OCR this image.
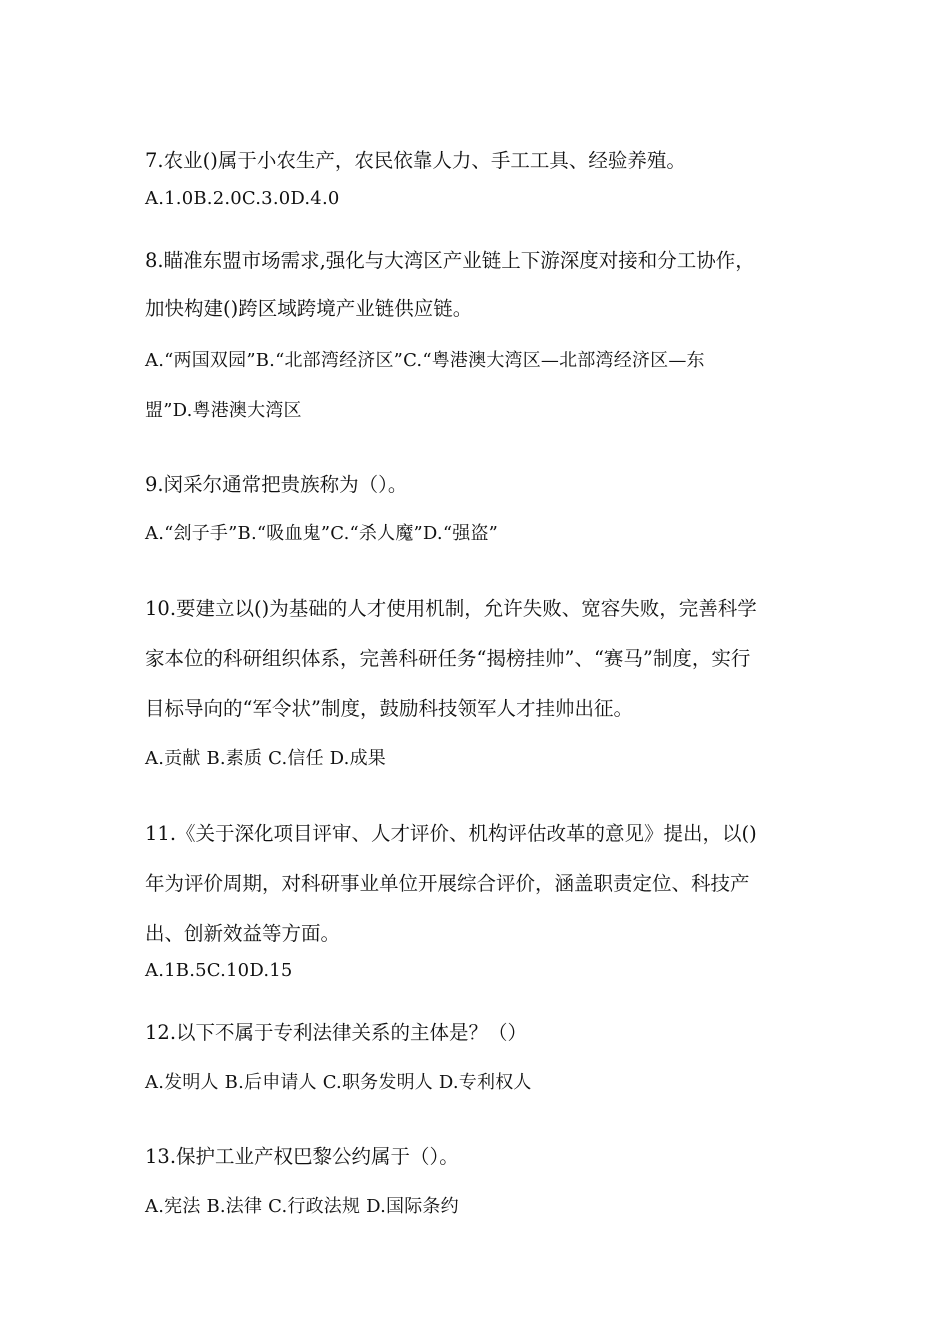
7.农业()属于小农生产，农民依靠人力、手工工具、经验养殖。
A.1.0B.2.0C.3.0D.4.0
8.瞄准东盟市场需求,强化与大湾区产业链上下游深度对接和分工协作，
加快构建()跨区域跨境产业链供应链。
A.“两国双园”B.“北部湾经济区”C.“粤港澳大湾区—北部湾经济区—东
盟”D.粤港澳大湾区
9.闵采尔通常把贵族称为（）。
A.“刽子手”B.“吸血鬼”C.“杀人魔”D.“强盗”
10.要建立以()为基础的人才使用机制，允许失败、宽容失败，完善科学
家本位的科研组织体系，完善科研任务“揭榜挂帅”、“赛马”制度，实行
目标导向的“军令状”制度，鼓励科技领军人才挂帅出征。
A.贡献 B.素质 C.信任 D.成果
11.《关于深化项目评审、人才评价、机构评估改革的意见》提出，以()
年为评价周期，对科研事业单位开展综合评价，涵盖职责定位、科技产
出、创新效益等方面。
A.1B.5C.10D.15
12.以下不属于专利法律关系的主体是？（）
A.发明人 B.后申请人 C.职务发明人 D.专利权人
13.保护工业产权巴黎公约属于（）。
A.宪法 B.法律 C.行政法规 D.国际条约
